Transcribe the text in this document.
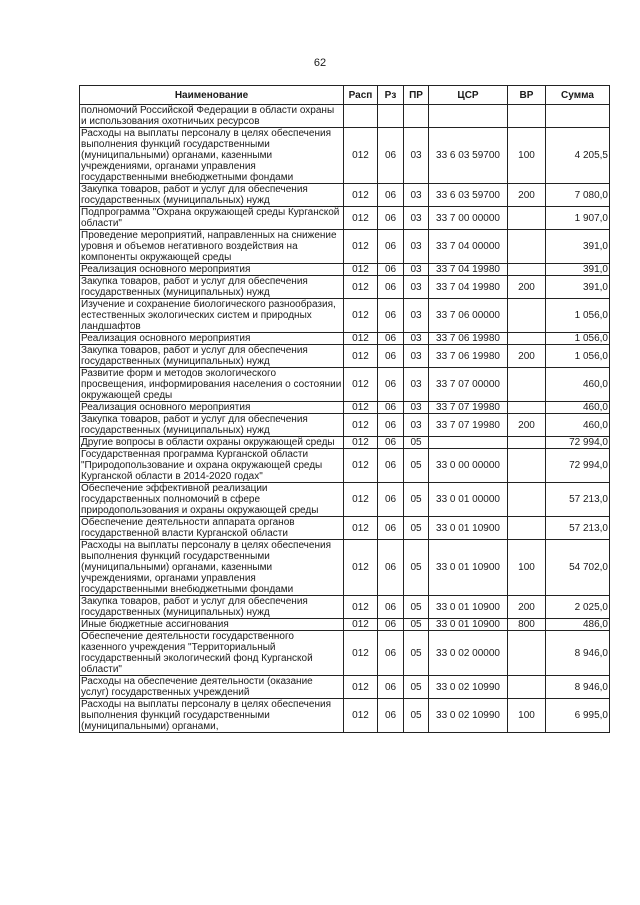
62
Наименование	Расп	Рз	ПР	ЦСР	ВР	Сумма
полномочий Российской Федерации в области охраны и использования охотничьих ресурсов						
Расходы на выплаты персоналу в целях обеспечения выполнения функций государственными (муниципальными) органами, казенными учреждениями, органами управления государственными внебюджетными фондами	012	06	03	33 6 03 59700	100	4 205,5
Закупка товаров, работ и услуг для обеспечения государственных (муниципальных) нужд	012	06	03	33 6 03 59700	200	7 080,0
Подпрограмма "Охрана окружающей среды Курганской области"	012	06	03	33 7 00 00000		1 907,0
Проведение мероприятий, направленных на снижение уровня и объемов негативного воздействия на компоненты окружающей среды	012	06	03	33 7 04 00000		391,0
Реализация основного мероприятия	012	06	03	33 7 04 19980		391,0
Закупка товаров, работ и услуг для обеспечения государственных (муниципальных) нужд	012	06	03	33 7 04 19980	200	391,0
Изучение и сохранение биологического разнообразия, естественных экологических систем и природных ландшафтов	012	06	03	33 7 06 00000		1 056,0
Реализация основного мероприятия	012	06	03	33 7 06 19980		1 056,0
Закупка товаров, работ и услуг для обеспечения государственных (муниципальных) нужд	012	06	03	33 7 06 19980	200	1 056,0
Развитие форм и методов экологического просвещения, информирования населения о состоянии окружающей среды	012	06	03	33 7 07 00000		460,0
Реализация основного мероприятия	012	06	03	33 7 07 19980		460,0
Закупка товаров, работ и услуг для обеспечения государственных (муниципальных) нужд	012	06	03	33 7 07 19980	200	460,0
Другие вопросы в области охраны окружающей среды	012	06	05			72 994,0
Государственная программа Курганской области "Природопользование и охрана окружающей среды Курганской области в 2014-2020 годах"	012	06	05	33 0 00 00000		72 994,0
Обеспечение эффективной реализации государственных полномочий в сфере природопользования и охраны окружающей среды	012	06	05	33 0 01 00000		57 213,0
Обеспечение деятельности аппарата органов государственной власти Курганской области	012	06	05	33 0 01 10900		57 213,0
Расходы на выплаты персоналу в целях обеспечения выполнения функций государственными (муниципальными) органами, казенными учреждениями, органами управления государственными внебюджетными фондами	012	06	05	33 0 01 10900	100	54 702,0
Закупка товаров, работ и услуг для обеспечения государственных (муниципальных) нужд	012	06	05	33 0 01 10900	200	2 025,0
Иные бюджетные ассигнования	012	06	05	33 0 01 10900	800	486,0
Обеспечение деятельности государственного казенного учреждения "Территориальный государственный экологический фонд Курганской области"	012	06	05	33 0 02 00000		8 946,0
Расходы на обеспечение деятельности (оказание услуг) государственных учреждений	012	06	05	33 0 02 10990		8 946,0
Расходы на выплаты персоналу в целях обеспечения выполнения функций государственными (муниципальными) органами,	012	06	05	33 0 02 10990	100	6 995,0
